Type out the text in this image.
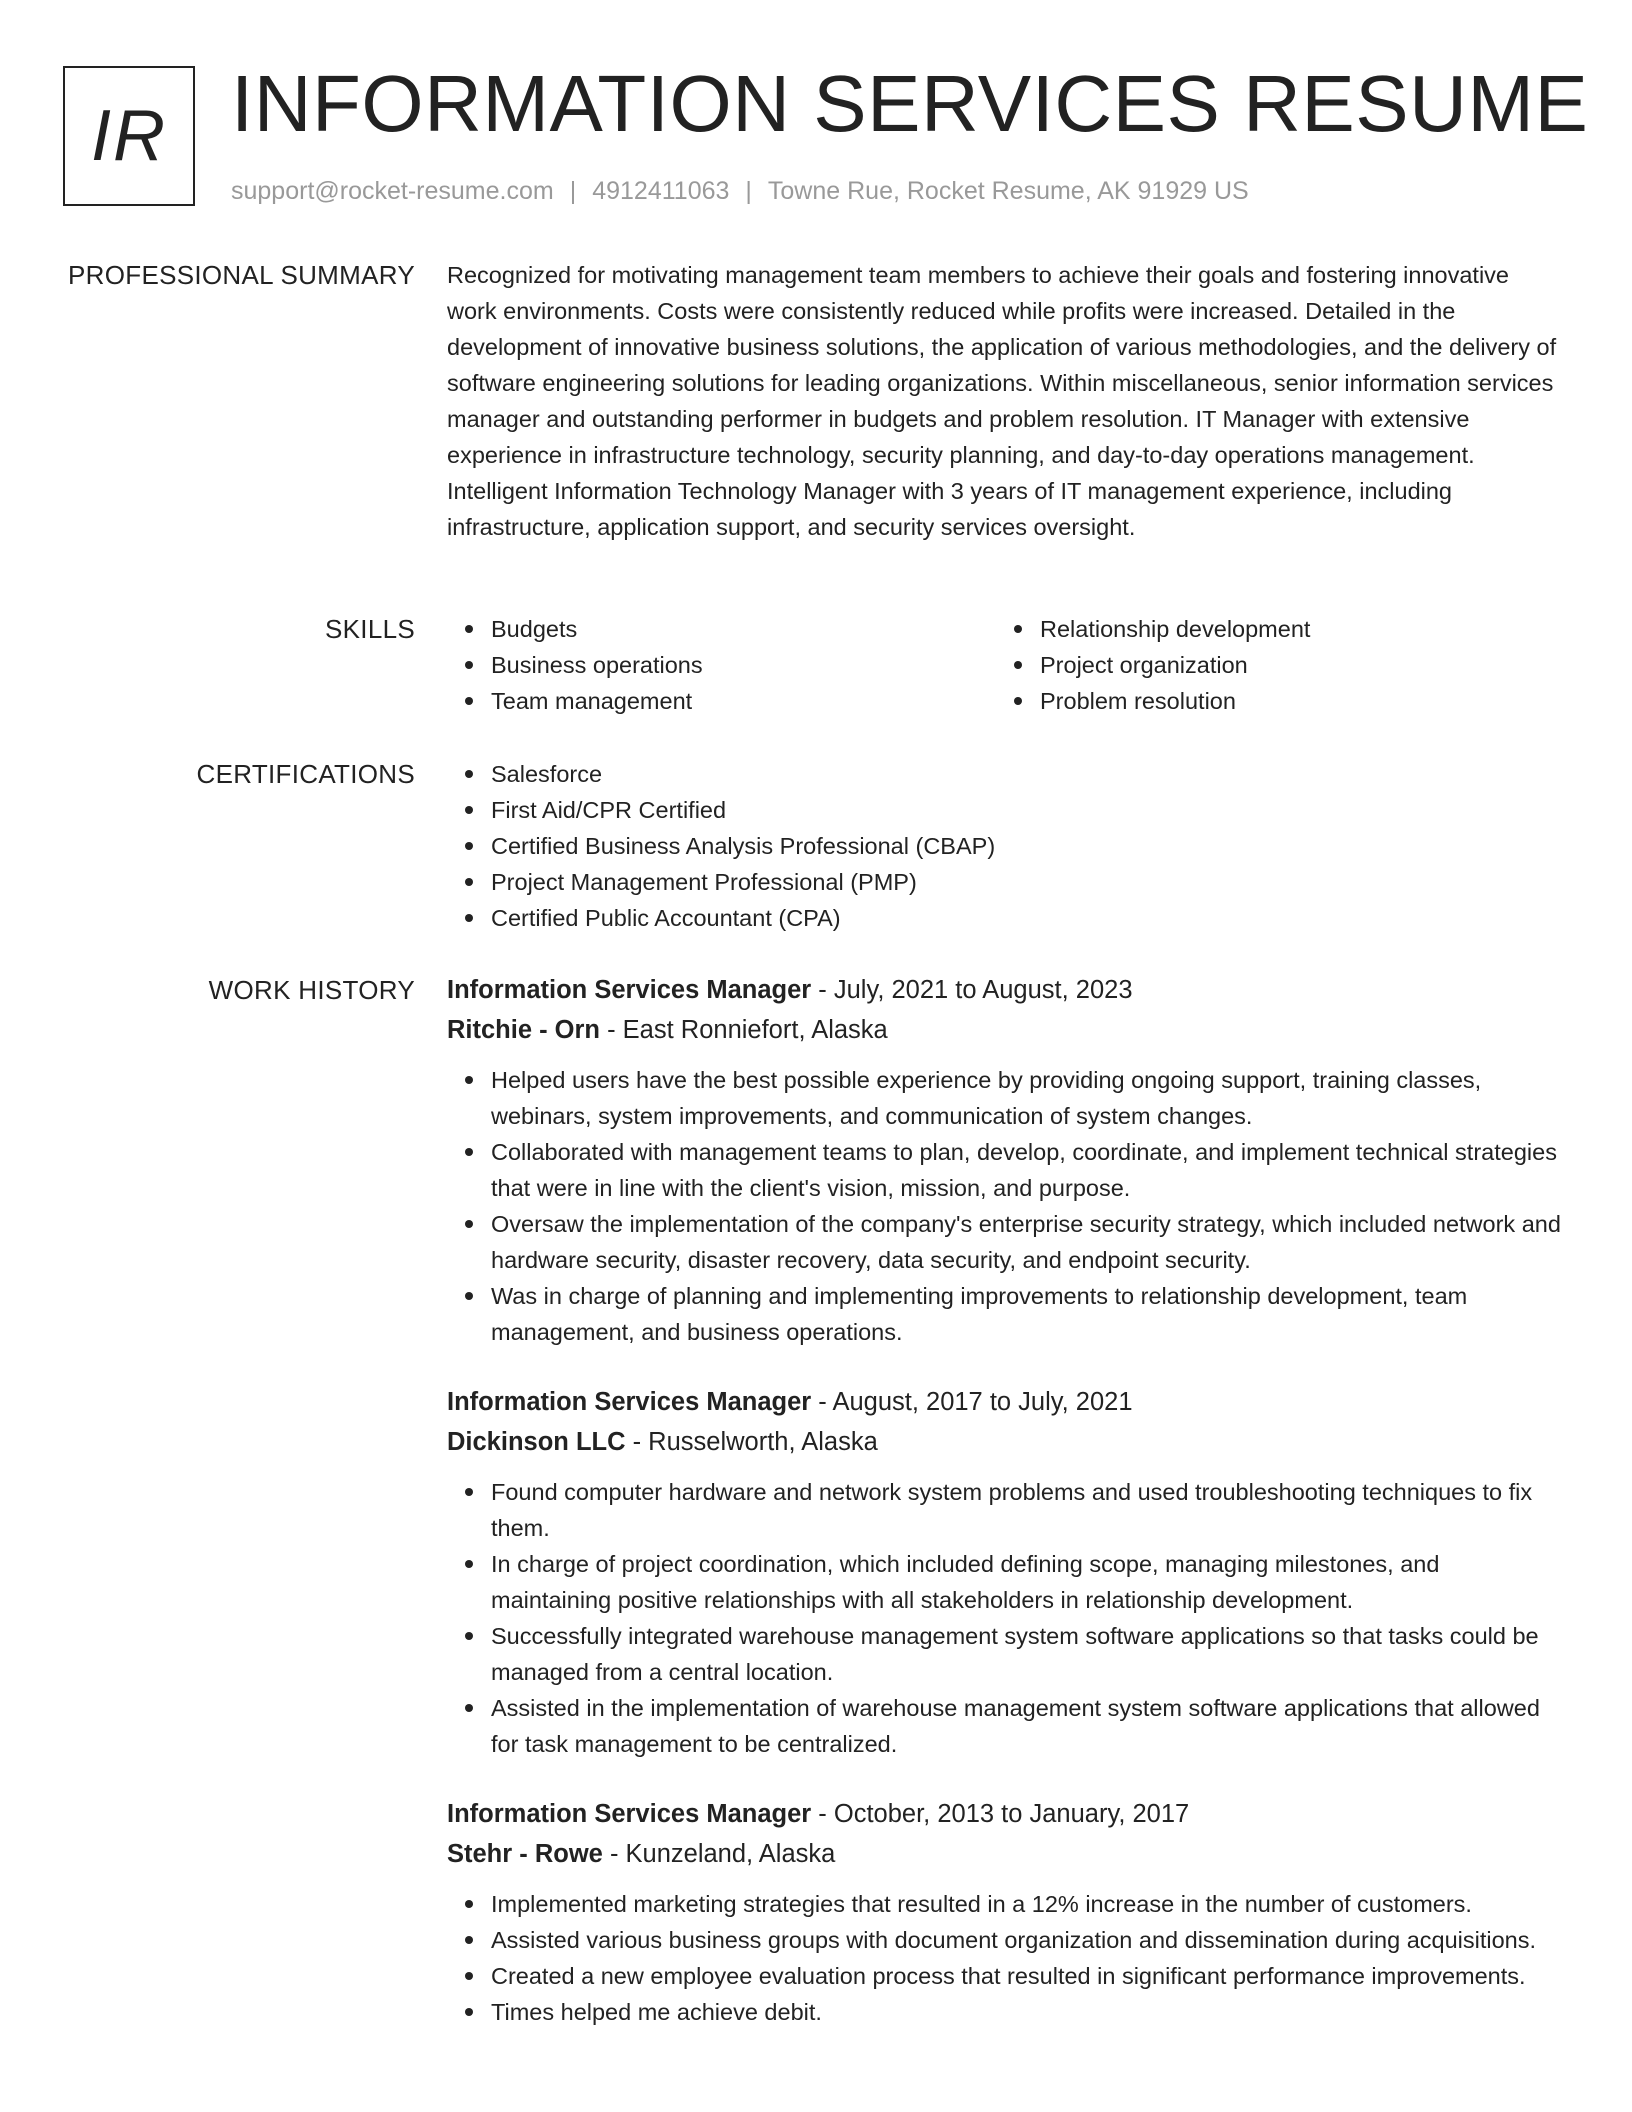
IR INFORMATION SERVICES RESUME
support@rocket-resume.com | 4912411063 | Towne Rue, Rocket Resume, AK 91929 US
PROFESSIONAL SUMMARY Recognized for motivating management team members to achieve their goals and fostering innovative work environments. Costs were consistently reduced while profits were increased. Detailed in the development of innovative business solutions, the application of various methodologies, and the delivery of software engineering solutions for leading organizations. Within miscellaneous, senior information services manager and outstanding performer in budgets and problem resolution. IT Manager with extensive experience in infrastructure technology, security planning, and day-to-day operations management. Intelligent Information Technology Manager with 3 years of IT management experience, including infrastructure, application support, and security services oversight.

SKILLS	Budgets
Business operations
Team management
Relationship development
Project organization
Problem resolution
CERTIFICATIONS	Salesforce
First Aid/CPR Certified
Certified Business Analysis Professional (CBAP)
Project Management Professional (PMP)
Certified Public Accountant (CPA)
WORK HISTORY Information Services Manager - July, 2021 to August, 2023
Ritchie - Orn - East Ronniefort, Alaska
Helped users have the best possible experience by providing ongoing support, training classes, webinars, system improvements, and communication of system changes.
Collaborated with management teams to plan, develop, coordinate, and implement technical strategies that were in line with the client's vision, mission, and purpose.
Oversaw the implementation of the company's enterprise security strategy, which included network and hardware security, disaster recovery, data security, and endpoint security.
Was in charge of planning and implementing improvements to relationship development, team management, and business operations.
Information Services Manager - August, 2017 to July, 2021
Dickinson LLC - Russelworth, Alaska
Found computer hardware and network system problems and used troubleshooting techniques to fix them.
In charge of project coordination, which included defining scope, managing milestones, and maintaining positive relationships with all stakeholders in relationship development.
Successfully integrated warehouse management system software applications so that tasks could be managed from a central location.
Assisted in the implementation of warehouse management system software applications that allowed for task management to be centralized.
Information Services Manager - October, 2013 to January, 2017
Stehr - Rowe - Kunzeland, Alaska
Implemented marketing strategies that resulted in a 12% increase in the number of customers.
Assisted various business groups with document organization and dissemination during acquisitions.
Created a new employee evaluation process that resulted in significant performance improvements.
Times helped me achieve debit.
